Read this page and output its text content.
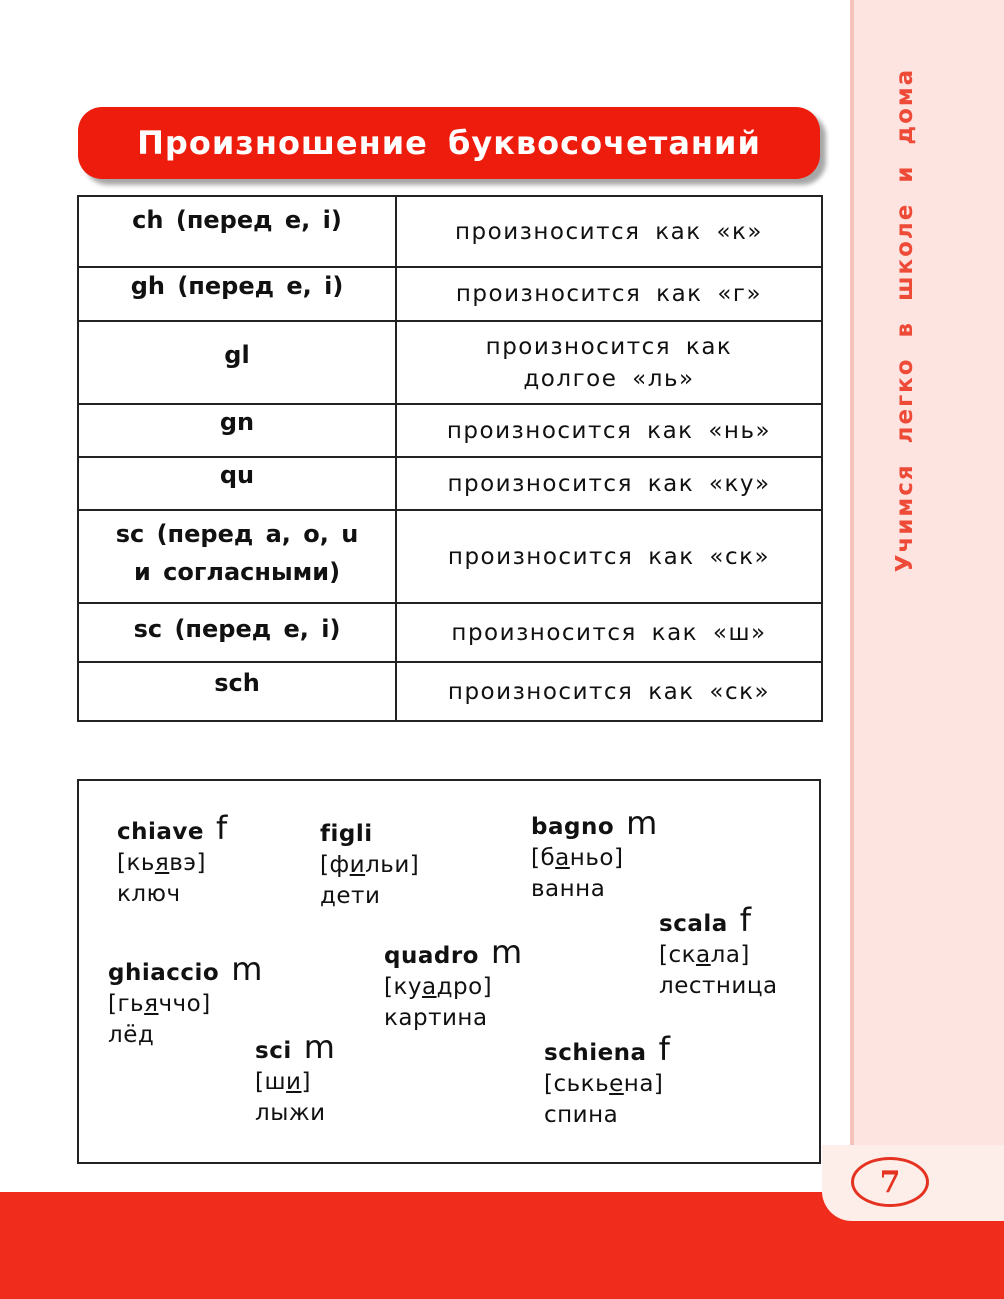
Учимся легко в школе и дома
Произношение буквосочетаний
ch (перед e, i)	произносится как «к»
gh (перед e, i)	произносится как «г»
gl	произносится как
долгое «ль»
gn	произносится как «нь»
qu	произносится как «ку»
sc (перед a, o, u
и согласными)	произносится как «ск»
sc (перед e, i)	произносится как «ш»
sch	произносится как «ск»
chiave f
[кьявэ]
ключ
figli
[фильи]
дети
bagno m
[баньо]
ванна
scala f
[скала]
лестница
ghiaccio m
[гьяччо]
лёд
quadro m
[куадро]
картина
sci m
[ши]
лыжи
schiena f
[ськьена]
спина
7
